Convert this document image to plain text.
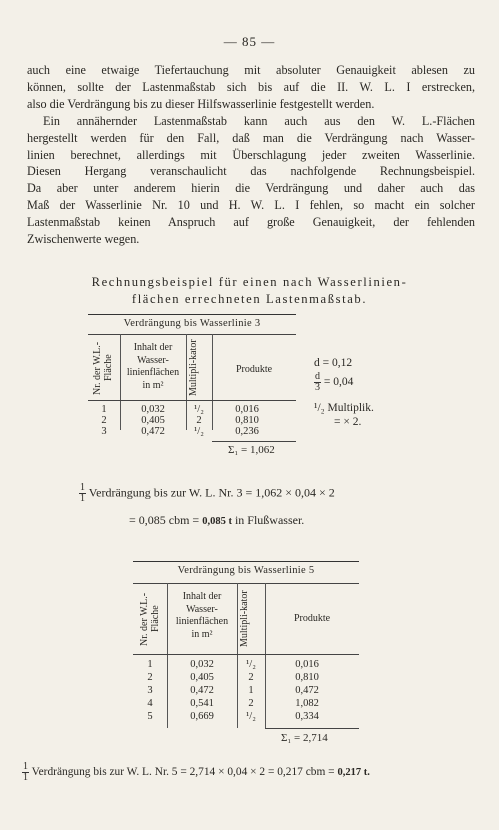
— 85 —
auch eine etwaige Tiefertauchung mit absoluter Genauigkeit ablesen zu
können, sollte der Lastenmaßstab sich bis auf die II. W. L. I erstrecken,
also die Verdrängung bis zu dieser Hilfswasserlinie festgestellt werden.
Ein annähernder Lastenmaßstab kann auch aus den W. L.-Flächen
hergestellt werden für den Fall, daß man die Verdrängung nach Wasser-
linien berechnet, allerdings mit Überschlagung jeder zweiten Wasserlinie.
Diesen Hergang veranschaulicht das nachfolgende Rechnungsbeispiel.
Da aber unter anderem hierin die Verdrängung und daher auch das
Maß der Wasserlinie Nr. 10 und H. W. L. I fehlen, so macht ein solcher
Lastenmaßstab keinen Anspruch auf große Genauigkeit, der fehlenden
Zwischenwerte wegen.
Rechnungsbeispiel für einen nach Wasserlinien-
flächen errechneten Lastenmaßstab.
Verdrängung bis Wasserlinie 3
Nr. der W.L.-Fläche
Inhalt der
Wasser-
linienflächen
in m²	Multipli-kator	Produkte
1	0,032	¹/₂	0,016
2	0,405	2	0,810
3	0,472	¹/₂	0,236
Σ₁ = 1,062
d = 0,12
$\frac{d}{3} = 0,04$
¹/₂ Multiplik.
= × 2.
$\frac{1}{1}$ Verdrängung bis zur W. L. Nr. 3 = 1,062 × 0,04 × 2
= 0,085 cbm = 0,085 t in Flußwasser.
Verdrängung bis Wasserlinie 5
Nr. der W.L.-Fläche
Inhalt der
Wasser-
linienflächen
in m²	Multipli-kator	Produkte
1	0,032	¹/₂	0,016
2	0,405	2	0,810
3	0,472	1	0,472
4	0,541	2	1,082
5	0,669	¹/₂	0,334
Σ₁ = 2,714
$\frac{1}{1}$ Verdrängung bis zur W. L. Nr. 5 = 2,714 × 0,04 × 2 = 0,217 cbm = 0,217 t.
